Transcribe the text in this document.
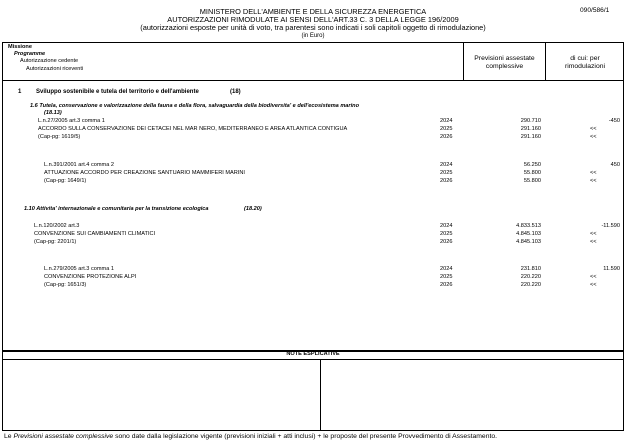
090/586/1
MINISTERO DELL'AMBIENTE E DELLA SICUREZZA ENERGETICA
AUTORIZZAZIONI RIMODULATE AI SENSI DELL'ART.33 C. 3 DELLA LEGGE 196/2009
(autorizzazioni esposte per unità di voto, tra parentesi sono indicati i soli capitoli oggetto di rimodulazione)
(in Euro)
Missione
Programme
Autorizzazione cedente
Autorizzazioni riceventi
Previsioni assestate
complessive
di cui: per
rimodulazioni
1 Sviluppo sostenibile e tutela del territorio e dell'ambiente	(18)
1.6 Tutela, conservazione e valorizzazione della fauna e della flora, salvaguardia della biodiversita' e dell'ecosistema marino
(18.13)
L.n.27/2005 art.3 comma 1
ACCORDO SULLA CONSERVAZIONE DEI CETACEI NEL MAR NERO, MEDITERRANEO E AREA ATLANTICA CONTIGUA
(Cap-pg: 1619/5)
2024
2025
2026
290.710
291.160
291.160
-450
<<
<<
L.n.391/2001 art.4 comma 2
ATTUAZIONE ACCORDO PER CREAZIONE SANTUARIO MAMMIFERI MARINI
(Cap-pg: 1649/1)
2024
2025
2026
56.250
55.800
55.800
450
<<
<<
1.10 Attivita' internazionale e comunitaria per la transizione ecologica	(18.20)
L.n.120/2002 art.3
CONVENZIONE SUI CAMBIAMENTI CLIMATICI
(Cap-pg: 2201/1)
2024
2025
2026
4.833.513
4.845.103
4.845.103
-11.590
<<
<<
L.n.279/2005 art.3 comma 1
CONVENZIONE PROTEZIONE ALPI
(Cap-pg: 1651/3)
2024
2025
2026
231.810
220.220
220.220
11.590
<<
<<
NOTE ESPLICATIVE
Le Previsioni assestate complessive sono date dalla legislazione vigente (previsioni iniziali + atti inclusi) + le proposte del presente Provvedimento di Assestamento.
